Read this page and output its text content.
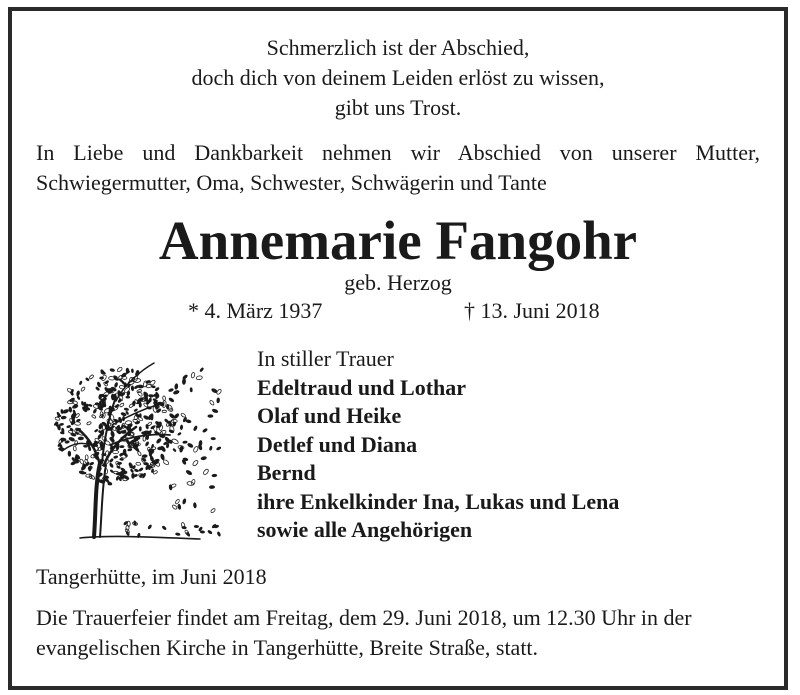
Schmerzlich ist der Abschied,
doch dich von deinem Leiden erlöst zu wissen,
gibt uns Trost.
In Liebe und Dankbarkeit nehmen wir Abschied von unserer Mutter,
Schwiegermutter, Oma, Schwester, Schwägerin und Tante
Annemarie Fangohr
geb. Herzog
* 4. März 1937	† 13. Juni 2018
In stiller Trauer
Edeltraud und Lothar
Olaf und Heike
Detlef und Diana
Bernd
ihre Enkelkinder Ina, Lukas und Lena
sowie alle Angehörigen
Tangerhütte, im Juni 2018
Die Trauerfeier findet am Freitag, dem 29. Juni 2018, um 12.30 Uhr in der
evangelischen Kirche in Tangerhütte, Breite Straße, statt.
